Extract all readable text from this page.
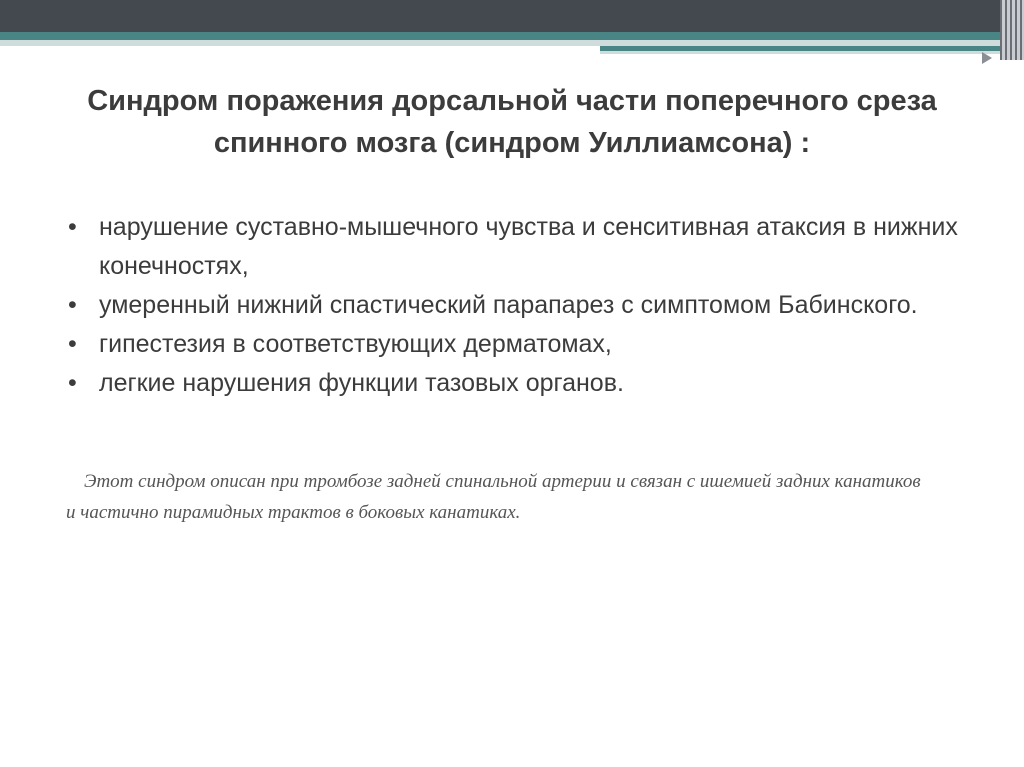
Синдром поражения дорсальной части поперечного среза спинного мозга (синдром Уиллиамсона) :
• нарушение суставно-мышечного чувства и сенситивная атаксия в нижних конечностях,
• умеренный нижний спастический парапарез с симптомом Бабинского.
• гипестезия в соответствующих дерматомах,
• легкие нарушения функции тазовых органов.

Этот синдром описан при тромбозе задней спинальной артерии и связан с ишемией задних канатиков и частично пирамидных трактов в боковых канатиках.
